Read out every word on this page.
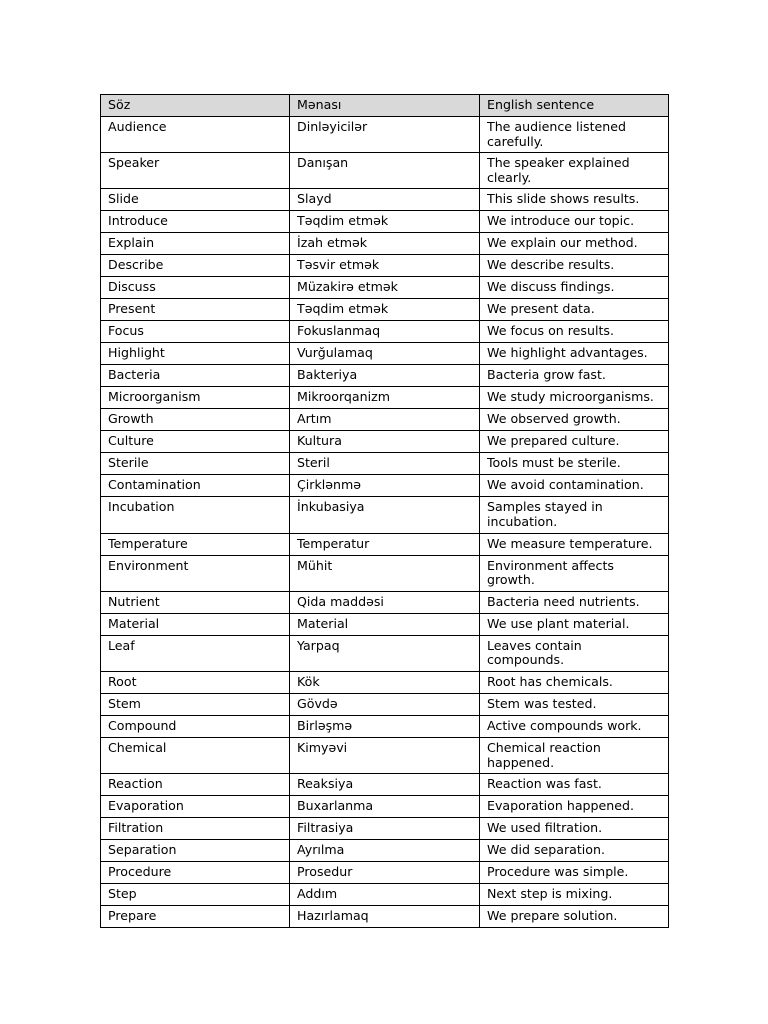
Söz	Mənası	English sentence
Audience	Dinləyicilər	The audience listened carefully.
Speaker	Danışan	The speaker explained clearly.
Slide	Slayd	This slide shows results.
Introduce	Təqdim etmək	We introduce our topic.
Explain	İzah etmək	We explain our method.
Describe	Təsvir etmək	We describe results.
Discuss	Müzakirə etmək	We discuss findings.
Present	Təqdim etmək	We present data.
Focus	Fokuslanmaq	We focus on results.
Highlight	Vurğulamaq	We highlight advantages.
Bacteria	Bakteriya	Bacteria grow fast.
Microorganism	Mikroorqanizm	We study microorganisms.
Growth	Artım	We observed growth.
Culture	Kultura	We prepared culture.
Sterile	Steril	Tools must be sterile.
Contamination	Çirklənmə	We avoid contamination.
Incubation	İnkubasiya	Samples stayed in incubation.
Temperature	Temperatur	We measure temperature.
Environment	Mühit	Environment affects growth.
Nutrient	Qida maddəsi	Bacteria need nutrients.
Material	Material	We use plant material.
Leaf	Yarpaq	Leaves contain compounds.
Root	Kök	Root has chemicals.
Stem	Gövdə	Stem was tested.
Compound	Birləşmə	Active compounds work.
Chemical	Kimyəvi	Chemical reaction happened.
Reaction	Reaksiya	Reaction was fast.
Evaporation	Buxarlanma	Evaporation happened.
Filtration	Filtrasiya	We used filtration.
Separation	Ayrılma	We did separation.
Procedure	Prosedur	Procedure was simple.
Step	Addım	Next step is mixing.
Prepare	Hazırlamaq	We prepare solution.
